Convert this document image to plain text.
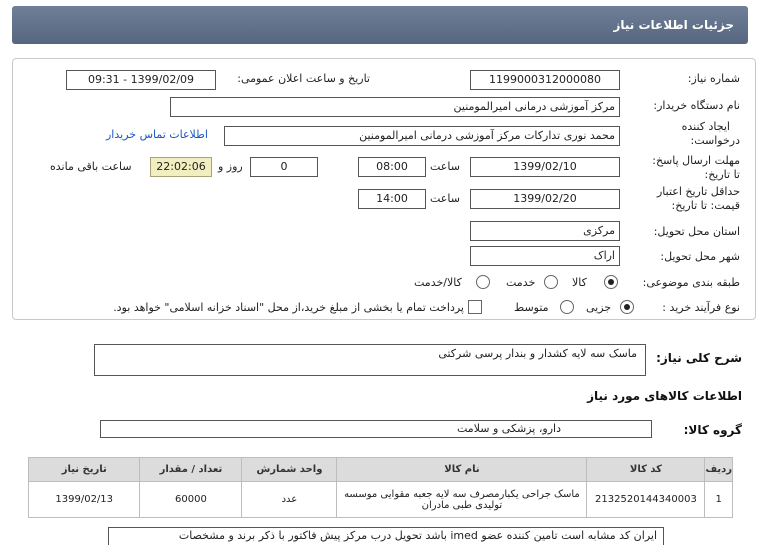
جزئیات اطلاعات نیاز
شماره نیاز:
1199000312000080
تاریخ و ساعت اعلان عمومی:
1399/02/09 - 09:31
نام دستگاه خریدار:
مرکز آموزشی درمانی امیرالمومنین
ایجاد کننده
درخواست:
محمد نوری تدارکات مرکز آموزشی درمانی امیرالمومنین
اطلاعات تماس خریدار
مهلت ارسال پاسخ:
تا تاریخ:
1399/02/10
ساعت
08:00
0
روز و
22:02:06
ساعت باقی مانده
حداقل تاریخ اعتبار
قیمت: تا تاریخ:
1399/02/20
ساعت
14:00
استان محل تحویل:
مرکزی
شهر محل تحویل:
اراک
طبقه بندی موضوعی:
کالا
خدمت
کالا/خدمت
نوع فرآیند خرید :
جزیی
متوسط
پرداخت تمام یا بخشی از مبلغ خرید،از محل "اسناد خزانه اسلامی" خواهد بود.
شرح کلی نیاز:
ماسک سه لایه کشدار و بندار پرسی شرکتی
اطلاعات کالاهای مورد نیاز
گروه کالا:
دارو، پزشکی و سلامت
ردیف	کد کالا	نام کالا	واحد شمارش	تعداد / مقدار	تاریخ نیاز
1	2132520144340003	ماسک جراحی یکبارمصرف سه لایه جعبه مقوایی موسسه تولیدی طبی مادران	عدد	60000	1399/02/13
ایران کد مشابه است تامین کننده عضو imed باشد تحویل درب مرکز پیش فاکتور با ذکر برند و مشخصات
